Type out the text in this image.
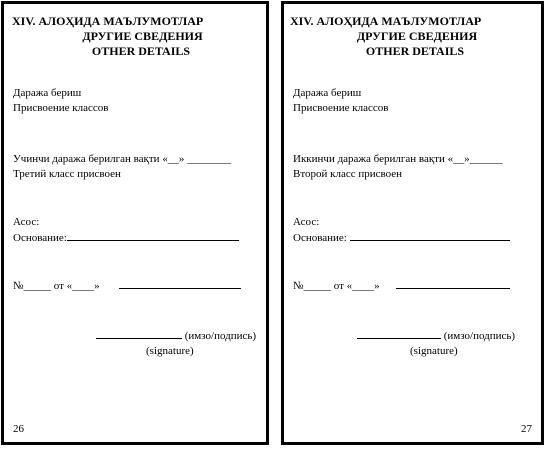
XIV. АЛОҲИДА МАЪЛУМОТЛАР
ДРУГИЕ СВЕДЕНИЯ
OTHER DETAILS
Даража бериш
Присвоение классов
Учинчи даража берилган вақти «__» ________
Третий класс присвоен
Асос:
Основание:
№_____ от «____»
(имзо/подпись)
(signature)
26
XIV. АЛОҲИДА МАЪЛУМОТЛАР
ДРУГИЕ СВЕДЕНИЯ
OTHER DETAILS
Даража бериш
Присвоение классов
Иккинчи даража берилган вақти «__»______
Второй класс присвоен
Асос:
Основание:
№_____ от «____»
(имзо/подпись)
(signature)
27
